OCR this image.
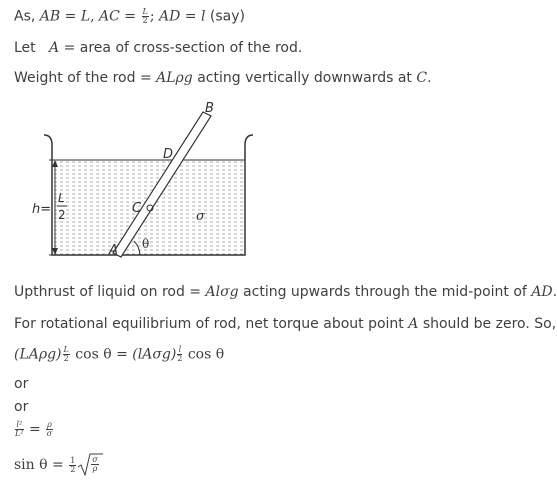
As, AB = L, AC = $\frac{L}{2}$ ; AD = l (say)
Let A = area of cross-section of the rod.
Weight of the rod = ALρg acting vertically downwards at C.
B
D
C
A θ
σ
h=
L
2
Upthrust of liquid on rod = Alσg acting upwards through the mid-point of AD.
For rotational equilibrium of rod, net torque about point A should be zero. So,
$(LA\rho g) \frac{L}{2}$ $\cos \theta = (lA\sigma g) \frac{l}{2}$ cos θ
or
or
$\frac{\text{l²}}{\text{L²}} = \frac{\rho}{\sigma}$
$\sin \theta = \frac{1}{2} \frac{\sigma}{\rho}$
